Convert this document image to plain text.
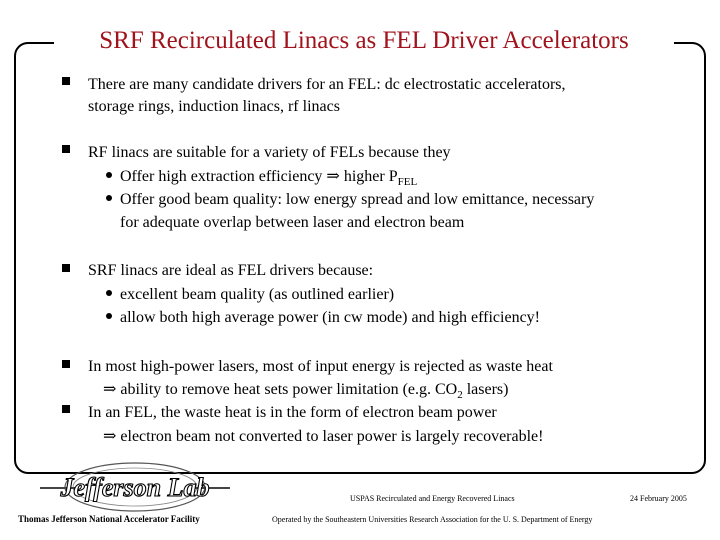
SRF Recirculated Linacs as FEL Driver Accelerators
There are many candidate drivers for an FEL: dc electrostatic accelerators,
storage rings, induction linacs, rf linacs
RF linacs are suitable for a variety of FELs because they
Offer high extraction efficiency ⇒ higher $P_{FEL}$
Offer good beam quality: low energy spread and low emittance, necessary
for adequate overlap between laser and electron beam
SRF linacs are ideal as FEL drivers because:
excellent beam quality (as outlined earlier)
allow both high average power (in cw mode) and high efficiency!
In most high-power lasers, most of input energy is rejected as waste heat
⇒ ability to remove heat sets power limitation (e.g. $CO_2$ lasers)
In an FEL, the waste heat is in the form of electron beam power
⇒ electron beam not converted to laser power is largely recoverable!
Jefferson Lab	USPAS Recirculated and Energy Recovered Linacs	24 February 2005
Thomas Jefferson National Accelerator Facility	Operated by the Southeastern Universities Research Association for the U. S. Department of Energy
